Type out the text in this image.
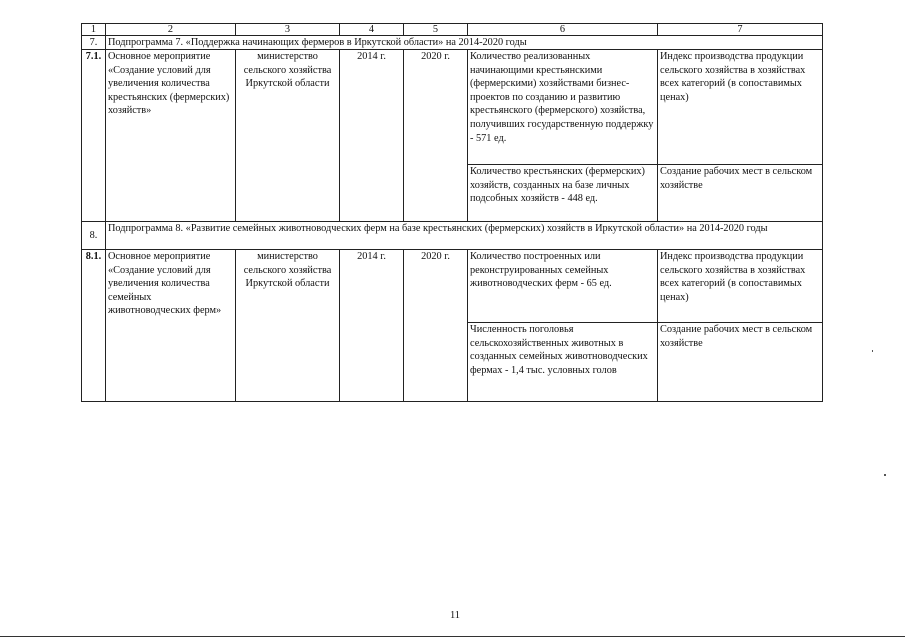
1	2	3	4	5	6	7
7.	Подпрограмма 7. «Поддержка начинающих фермеров в Иркутской области» на 2014-2020 годы					
7.1.	Основное мероприятие «Создание условий для увеличения количества крестьянских (фермерских) хозяйств»	министерство сельского хозяйства Иркутской области	2014 г.	2020 г.	Количество реализованных начинающими крестьянскими (фермерскими) хозяйствами бизнес-проектов по созданию и развитию крестьянского (фермерского) хозяйства, получивших государственную поддержку - 571 ед.	Индекс производства продукции сельского хозяйства в хозяйствах всех категорий (в сопоставимых ценах)
					Количество крестьянских (фермерских) хозяйств, созданных на базе личных подсобных хозяйств - 448 ед.	Создание рабочих мест в сельском хозяйстве
8.	Подпрограмма 8. «Развитие семейных животноводческих ферм на базе крестьянских (фермерских) хозяйств в Иркутской области» на 2014-2020 годы					
8.1.	Основное мероприятие «Создание условий для увеличения количества семейных животноводческих ферм»	министерство сельского хозяйства Иркутской области	2014 г.	2020 г.	Количество построенных или реконструированных семейных животноводческих ферм - 65 ед.	Индекс производства продукции сельского хозяйства в хозяйствах всех категорий (в сопоставимых ценах)
					Численность поголовья сельскохозяйственных животных в созданных семейных животноводческих фермах - 1,4 тыс. условных голов	Создание рабочих мест в сельском хозяйстве
11
